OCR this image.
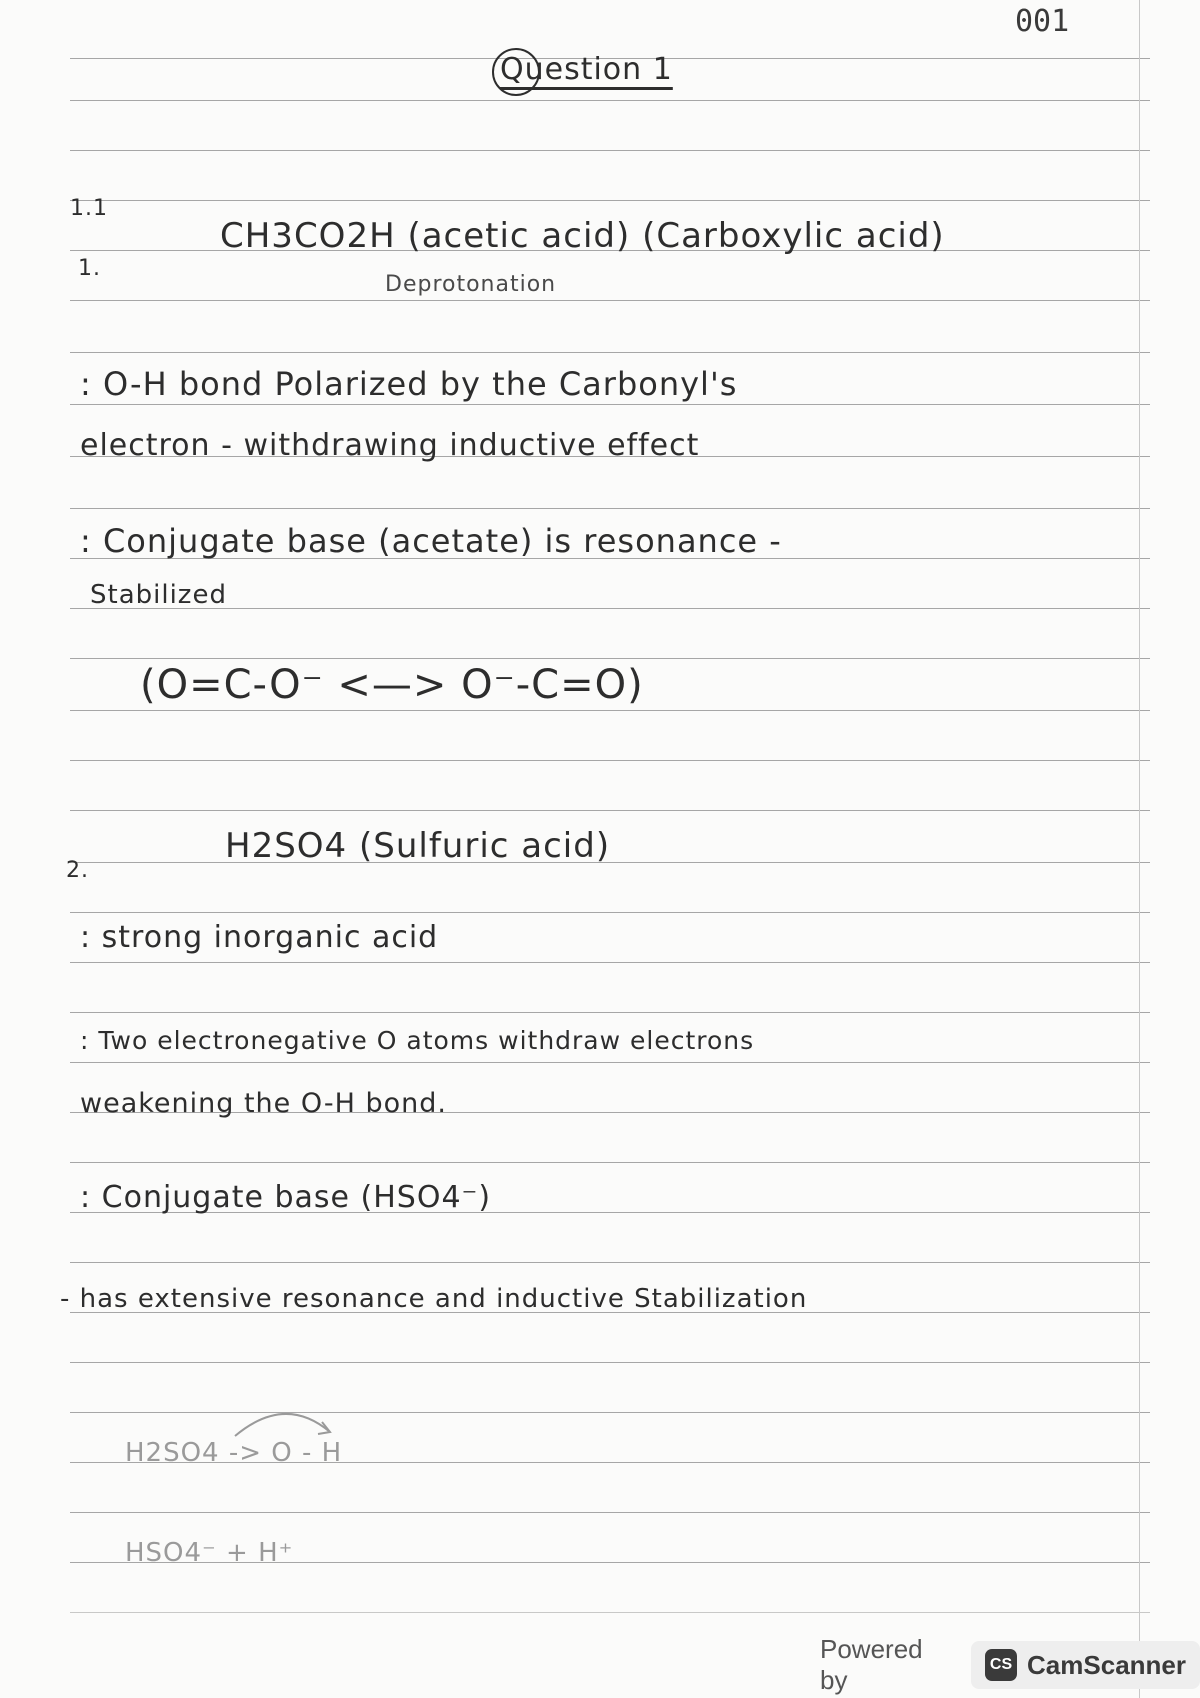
001
Question 1
1.1
1.
CH3CO2H (acetic acid) (Carboxylic acid)
Deprotonation
: O-H bond Polarized by the Carbonyl's
electron - withdrawing inductive effect
: Conjugate base (acetate) is resonance -
Stabilized
(O=C-O⁻ <—> O⁻-C=O)
2.
H2SO4 (Sulfuric acid)
: strong inorganic acid
: Two electronegative O atoms withdraw electrons
weakening the O-H bond.
: Conjugate base (HSO4⁻)
- has extensive resonance and inductive Stabilization
H2SO4 -> O - H
HSO4⁻ + H⁺
Powered by
CS CamScanner
